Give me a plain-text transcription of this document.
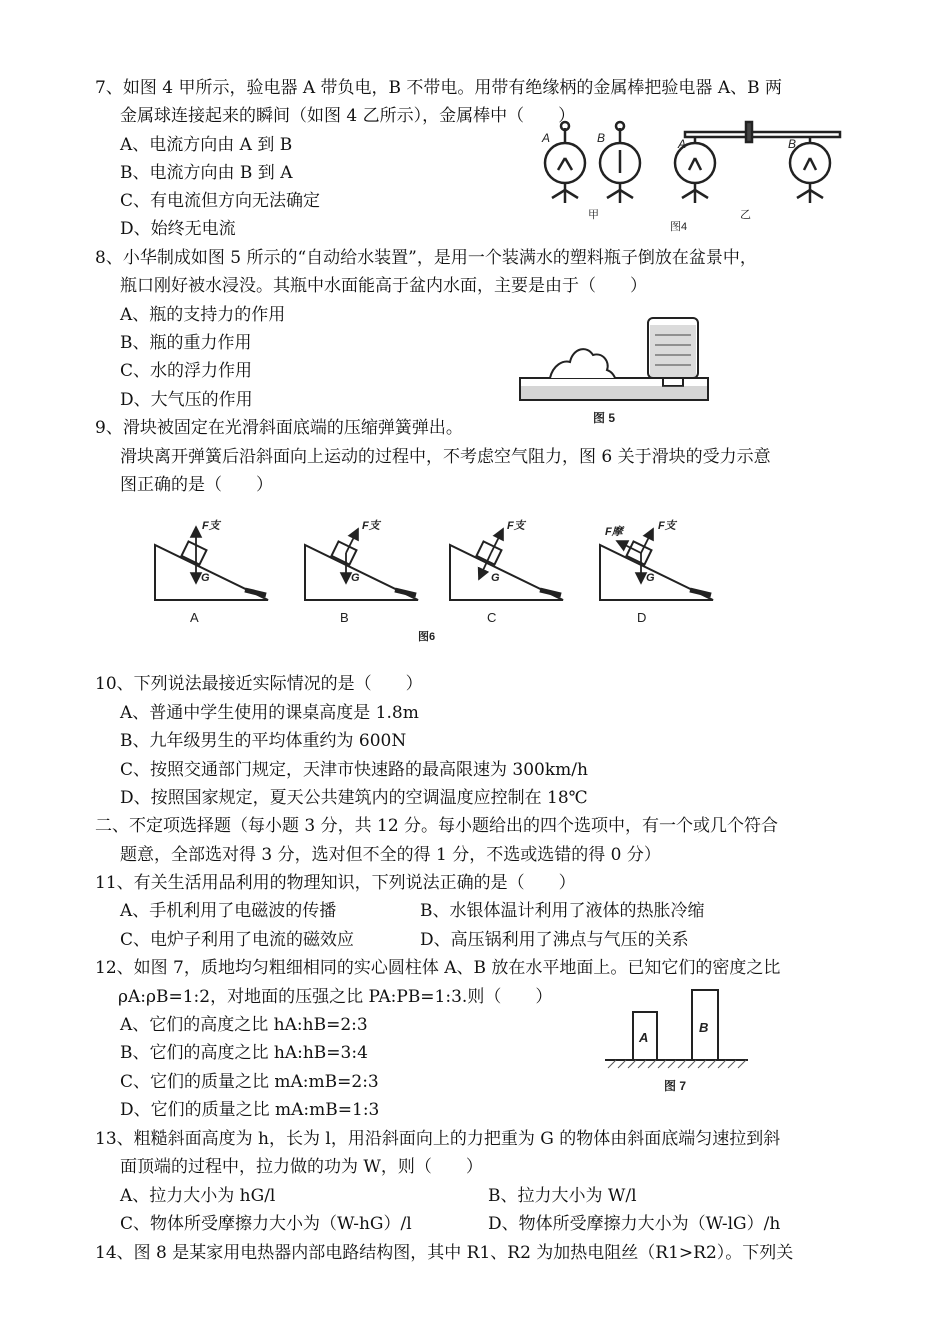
7、如图 4 甲所示，验电器 A 带负电，B 不带电。用带有绝缘柄的金属棒把验电器 A、B 两
金属球连接起来的瞬间（如图 4 乙所示），金属棒中（　　）
A、电流方向由 A 到 B
B、电流方向由 B 到 A
C、有电流但方向无法确定
D、始终无电流
A	B	A	B
甲	乙
图4
8、小华制成如图 5 所示的“自动给水装置”，是用一个装满水的塑料瓶子倒放在盆景中，
瓶口刚好被水浸没。其瓶中水面能高于盆内水面，主要是由于（　　）
A、瓶的支持力的作用
B、瓶的重力作用
C、水的浮力作用
D、大气压的作用
图 5
9、滑块被固定在光滑斜面底端的压缩弹簧弹出。
滑块离开弹簧后沿斜面向上运动的过程中，不考虑空气阻力，图 6 关于滑块的受力示意
图正确的是（　　）
F支
G
F支
G
F支
G
F支
F摩
G
A	B	C	D
图6
10、下列说法最接近实际情况的是（　　）
A、普通中学生使用的课桌高度是 1.8m
B、九年级男生的平均体重约为 600N
C、按照交通部门规定，天津市快速路的最高限速为 300km/h
D、按照国家规定，夏天公共建筑内的空调温度应控制在 18℃
二、不定项选择题（每小题 3 分，共 12 分。每小题给出的四个选项中，有一个或几个符合
题意，全部选对得 3 分，选对但不全的得 1 分，不选或选错的得 0 分）
11、有关生活用品利用的物理知识，下列说法正确的是（　　）
A、手机利用了电磁波的传播	B、水银体温计利用了液体的热胀冷缩
C、电炉子利用了电流的磁效应	D、高压锅利用了沸点与气压的关系
12、如图 7，质地均匀粗细相同的实心圆柱体 A、B 放在水平地面上。已知它们的密度之比
ρA:ρB=1:2，对地面的压强之比 PA:PB=1:3.则（　　）
A、它们的高度之比 hA:hB=2:3
B、它们的高度之比 hA:hB=3:4
C、它们的质量之比 mA:mB=2:3
D、它们的质量之比 mA:mB=1:3
A
B
图 7
13、粗糙斜面高度为 h，长为 l，用沿斜面向上的力把重为 G 的物体由斜面底端匀速拉到斜
面顶端的过程中，拉力做的功为 W，则（　　）
A、拉力大小为 hG/l	B、拉力大小为 W/l
C、物体所受摩擦力大小为（W-hG）/l	D、物体所受摩擦力大小为（W-lG）/h
14、图 8 是某家用电热器内部电路结构图，其中 R1、R2 为加热电阻丝（R1>R2）。下列关
